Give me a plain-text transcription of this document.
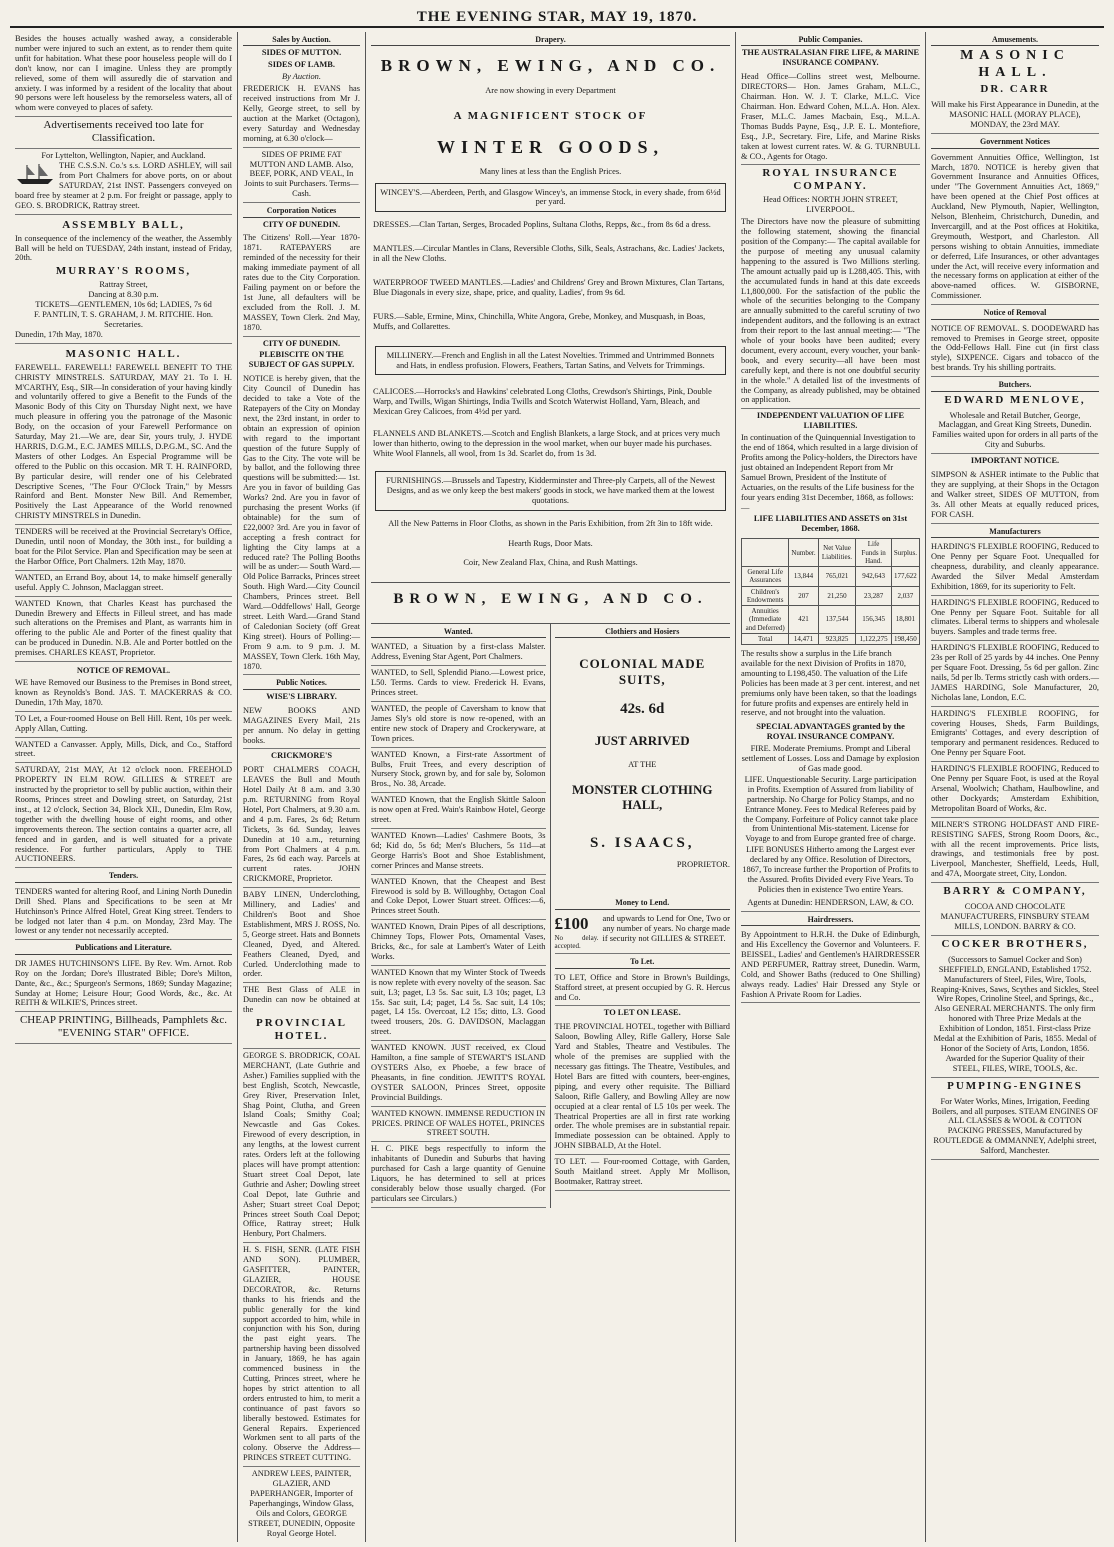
THE EVENING STAR, MAY 19, 1870.
Besides the houses actually washed away, a considerable number were injured to such an extent, as to render them quite unfit for habitation. What these poor houseless people will do I don't know, nor can I imagine. Unless they are promptly relieved, some of them will assuredly die of starvation and anxiety. I was informed by a resident of the locality that about 90 persons were left houseless by the remorseless waters, all of whom were conveyed to places of safety.
Advertisements received too late for Classification.
For Lyttelton, Wellington, Napier, and Auckland.
THE C.S.S.N. Co.'s s.s. LORD ASHLEY, will sail from Port Chalmers for above ports, on or about SATURDAY, 21st INST. Passengers conveyed on board free by steamer at 2 p.m. For freight or passage, apply to GEO. S. BRODRICK, Rattray street.
ASSEMBLY BALL,
In consequence of the inclemency of the weather, the Assembly Ball will be held on TUESDAY, 24th instant, instead of Friday, 20th.
MURRAY'S ROOMS,
Rattray Street,
Dancing at 8.30 p.m.
TICKETS—GENTLEMEN, 10s 6d; LADIES, 7s 6d
F. PANTLIN, T. S. GRAHAM, J. M. RITCHIE. Hon. Secretaries.
Dunedin, 17th May, 1870.
MASONIC HALL.
FAREWELL. FAREWELL! FAREWELL BENEFIT TO THE CHRISTY MINSTRELS. SATURDAY, MAY 21. To I. H. M'CARTHY, Esq., SIR—In consideration of your having kindly and voluntarily offered to give a Benefit to the Funds of the Masonic Body of this City on Thursday Night next, we have much pleasure in offering you the patronage of the Masonic Body, on the occasion of your Farewell Performance on Saturday, May 21.—We are, dear Sir, yours truly, J. HYDE HARRIS, D.G.M., E.C. JAMES MILLS, D.P.G.M., SC. And the Masters of other Lodges. An Especial Programme will be offered to the Public on this occasion. MR T. H. RAINFORD, By particular desire, will render one of his Celebrated Descriptive Scenes, "The Four O'Clock Train," by Messrs Rainford and Bent. Monster New Bill. And Remember, Positively the Last Appearance of the World renowned CHRISTY MINSTRELS in Dunedin.
TENDERS will be received at the Provincial Secretary's Office, Dunedin, until noon of Monday, the 30th inst., for building a boat for the Pilot Service. Plan and Specification may be seen at the Harbor Office, Port Chalmers. 12th May, 1870.
WANTED, an Errand Boy, about 14, to make himself generally useful. Apply C. Johnson, Maclaggan street.
WANTED Known, that Charles Keast has purchased the Dunedin Brewery and Effects in Filleul street, and has made such alterations on the Premises and Plant, as warrants him in offering to the public Ale and Porter of the finest quality that can be produced in Dunedin. N.B. Ale and Porter bottled on the premises. CHARLES KEAST, Proprietor.
NOTICE OF REMOVAL.
WE have Removed our Business to the Premises in Bond street, known as Reynolds's Bond. JAS. T. MACKERRAS & CO. Dunedin, 17th May, 1870.
TO Let, a Four-roomed House on Bell Hill. Rent, 10s per week. Apply Allan, Cutting.
WANTED a Canvasser. Apply, Mills, Dick, and Co., Stafford street.
SATURDAY, 21st MAY, At 12 o'clock noon. FREEHOLD PROPERTY IN ELM ROW. GILLIES & STREET are instructed by the proprietor to sell by public auction, within their Rooms, Princes street and Dowling street, on Saturday, 21st inst., at 12 o'clock, Section 34, Block XII., Dunedin, Elm Row, together with the dwelling house of eight rooms, and other improvements thereon. The section contains a quarter acre, all fenced and in garden, and is well situated for a private residence. For further particulars, Apply to THE AUCTIONEERS.
Tenders.
TENDERS wanted for altering Roof, and Lining North Dunedin Drill Shed. Plans and Specifications to be seen at Mr Hutchinson's Prince Alfred Hotel, Great King street. Tenders to be lodged not later than 4 p.m. on Monday, 23rd May. The lowest or any tender not necessarily accepted.
Publications and Literature.
DR JAMES HUTCHINSON'S LIFE. By Rev. Wm. Arnot. Rob Roy on the Jordan; Dore's Illustrated Bible; Dore's Milton, Dante, &c., &c.; Spurgeon's Sermons, 1869; Sunday Magazine; Sunday at Home; Leisure Hour; Good Words, &c., &c. At REITH & WILKIE'S, Princes street.
CHEAP PRINTING, Billheads, Pamphlets &c. "EVENING STAR" OFFICE.
Sales by Auction.
SIDES OF MUTTON.
SIDES OF LAMB.
By Auction.
FREDERICK H. EVANS has received instructions from Mr J. Kelly, George street, to sell by auction at the Market (Octagon), every Saturday and Wednesday morning, at 6.30 o'clock—
SIDES OF PRIME FAT MUTTON AND LAMB. Also, BEEF, PORK, AND VEAL, In Joints to suit Purchasers. Terms—Cash.
Corporation Notices
CITY OF DUNEDIN.
The Citizens' Roll.—Year 1870-1871. RATEPAYERS are reminded of the necessity for their making immediate payment of all rates due to the City Corporation. Failing payment on or before the 1st June, all defaulters will be excluded from the Roll. J. M. MASSEY, Town Clerk. 2nd May, 1870.
CITY OF DUNEDIN.
PLEBISCITE ON THE SUBJECT OF GAS SUPPLY.
NOTICE is hereby given, that the City Council of Dunedin has decided to take a Vote of the Ratepayers of the City on Monday next, the 23rd instant, in order to obtain an expression of opinion with regard to the important question of the future Supply of Gas to the City. The vote will be by ballot, and the following three questions will be submitted:— 1st. Are you in favor of building Gas Works? 2nd. Are you in favor of purchasing the present Works (if obtainable) for the sum of £22,000? 3rd. Are you in favor of accepting a fresh contract for lighting the City lamps at a reduced rate? The Polling Booths will be as under:— South Ward.—Old Police Barracks, Princes street South. High Ward.—City Council Chambers, Princes street. Bell Ward.—Oddfellows' Hall, George street. Leith Ward.—Grand Stand of Caledonian Society (off Great King street). Hours of Polling:—From 9 a.m. to 9 p.m. J. M. MASSEY, Town Clerk. 16th May, 1870.
Public Notices.
WISE'S LIBRARY.
NEW BOOKS AND MAGAZINES Every Mail, 21s per annum. No delay in getting books.
CRICKMORE'S
PORT CHALMERS COACH, LEAVES the Bull and Mouth Hotel Daily At 8 a.m. and 3.30 p.m. RETURNING from Royal Hotel, Port Chalmers, at 9.30 a.m. and 4 p.m. Fares, 2s 6d; Return Tickets, 3s 6d. Sunday, leaves Dunedin at 10 a.m., returning from Port Chalmers at 4 p.m. Fares, 2s 6d each way. Parcels at current rates. JOHN CRICKMORE, Proprietor.
BABY LINEN, Underclothing, Millinery, and Ladies' and Children's Boot and Shoe Establishment, MRS J. ROSS, No. 5, George street. Hats and Bonnets Cleaned, Dyed, and Altered. Feathers Cleaned, Dyed, and Curled. Underclothing made to order.
THE Best Glass of ALE in Dunedin can now be obtained at the
PROVINCIAL HOTEL.
GEORGE S. BRODRICK, COAL MERCHANT, (Late Guthrie and Asher.) Families supplied with the best English, Scotch, Newcastle, Grey River, Preservation Inlet, Shag Point, Clutha, and Green Island Coals; Smithy Coal; Newcastle and Gas Cokes. Firewood of every description, in any lengths, at the lowest current rates. Orders left at the following places will have prompt attention: Stuart street Coal Depot, late Guthrie and Asher; Dowling street Coal Depot, late Guthrie and Asher; Stuart street Coal Depot; Princes street South Coal Depot; Office, Rattray street; Hulk Henbury, Port Chalmers.
H. S. FISH, SENR. (LATE FISH AND SON). PLUMBER, GASFITTER, PAINTER, GLAZIER, HOUSE DECORATOR, &c. Returns thanks to his friends and the public generally for the kind support accorded to him, while in conjunction with his Son, during the past eight years. The partnership having been dissolved in January, 1869, he has again commenced business in the Cutting, Princes street, where he hopes by strict attention to all orders entrusted to him, to merit a continuance of past favors so liberally bestowed. Estimates for General Repairs. Experienced Workmen sent to all parts of the colony. Observe the Address— PRINCES STREET CUTTING.
ANDREW LEES, PAINTER, GLAZIER, AND PAPERHANGER, Importer of Paperhangings, Window Glass, Oils and Colors, GEORGE STREET, DUNEDIN, Opposite Royal George Hotel.
Drapery.
BROWN, EWING, AND CO.
Are now showing in every Department
A MAGNIFICENT STOCK OF
WINTER GOODS,
Many lines at less than the English Prices.
WINCEY'S.—Aberdeen, Perth, and Glasgow Wincey's, an immense Stock, in every shade, from 6½d per yard.
DRESSES.—Clan Tartan, Serges, Brocaded Poplins, Sultana Cloths, Repps, &c., from 8s 6d a dress.
MANTLES.—Circular Mantles in Clans, Reversible Cloths, Silk, Seals, Astrachans, &c. Ladies' Jackets, in all the New Cloths.
WATERPROOF TWEED MANTLES.—Ladies' and Childrens' Grey and Brown Mixtures, Clan Tartans, Blue Diagonals in every size, shape, price, and quality, Ladies', from 9s 6d.
FURS.—Sable, Ermine, Minx, Chinchilla, White Angora, Grebe, Monkey, and Musquash, in Boas, Muffs, and Collarettes.
MILLINERY.—French and English in all the Latest Novelties. Trimmed and Untrimmed Bonnets and Hats, in endless profusion. Flowers, Feathers, Tartan Satins, and Velvets for Trimmings.
CALICOES.—Horrocks's and Hawkins' celebrated Long Cloths, Crewdson's Shirtings, Pink, Double Warp, and Twills, Wigan Shirtings, India Twills and Scotch Waterwist Holland, Yarn, Bleach, and Mexican Grey Calicoes, from 4½d per yard.
FLANNELS AND BLANKETS.—Scotch and English Blankets, a large Stock, and at prices very much lower than hitherto, owing to the depression in the wool market, when our buyer made his purchases. White Wool Flannels, all wool, from 1s 3d. Scarlet do, from 1s 3d.
FURNISHINGS.—Brussels and Tapestry, Kidderminster and Three-ply Carpets, all of the Newest Designs, and as we only keep the best makers' goods in stock, we have marked them at the lowest quotations.
All the New Patterns in Floor Cloths, as shown in the Paris Exhibition, from 2ft 3in to 18ft wide.
Hearth Rugs, Door Mats.
Coir, New Zealand Flax, China, and Rush Mattings.
BROWN, EWING, AND CO.
Wanted.
WANTED, a Situation by a first-class Malster. Address, Evening Star Agent, Port Chalmers.
WANTED, to Sell, Splendid Piano.—Lowest price, L50. Terms. Cards to view. Frederick H. Evans, Princes street.
WANTED, the people of Caversham to know that James Sly's old store is now re-opened, with an entire new stock of Drapery and Crockeryware, at Town prices.
WANTED Known, a First-rate Assortment of Bulbs, Fruit Trees, and every description of Nursery Stock, grown by, and for sale by, Solomon Bros., No. 38, Arcade.
WANTED Known, that the English Skittle Saloon is now open at Fred. Wain's Rainbow Hotel, George street.
WANTED Known—Ladies' Cashmere Boots, 3s 6d; Kid do, 5s 6d; Men's Bluchers, 5s 11d—at George Harris's Boot and Shoe Establishment, corner Princes and Manse streets.
WANTED Known, that the Cheapest and Best Firewood is sold by B. Willoughby, Octagon Coal and Coke Depot, Lower Stuart street. Offices:—6, Princes street South.
WANTED Known, Drain Pipes of all descriptions, Chimney Tops, Flower Pots, Ornamental Vases, Bricks, &c., for sale at Lambert's Water of Leith Works.
WANTED Known that my Winter Stock of Tweeds is now replete with every novelty of the season. Sac suit, L3; paget, L3 5s. Sac suit, L3 10s; paget, L3 15s. Sac suit, L4; paget, L4 5s. Sac suit, L4 10s; paget, L4 15s. Overcoat, L2 15s; ditto, L3. Good tweed trousers, 20s. G. DAVIDSON, Maclaggan street.
WANTED KNOWN. JUST received, ex Cloud Hamilton, a fine sample of STEWART'S ISLAND OYSTERS Also, ex Phoebe, a few brace of Pheasants, in fine condition. JEWITT'S ROYAL OYSTER SALOON, Princes Street, opposite Provincial Buildings.
WANTED KNOWN. IMMENSE REDUCTION IN PRICES. PRINCE OF WALES HOTEL, PRINCES STREET SOUTH.
H. C. PIKE begs respectfully to inform the inhabitants of Dunedin and Suburbs that having purchased for Cash a large quantity of Genuine Liquors, he has determined to sell at prices considerably below those usually charged. (For particulars see Circulars.)
Clothiers and Hosiers
COLONIAL MADE SUITS,
42s. 6d
JUST ARRIVED
AT THE
MONSTER CLOTHING HALL,
S. ISAACS,
PROPRIETOR.
Money to Lend.
£100
No delay. accepted.
and upwards to Lend for One, Two or any number of years. No charge made if security not GILLIES & STREET.
To Let.
TO LET, Office and Store in Brown's Buildings, Stafford street, at present occupied by G. R. Hercus and Co.
TO LET ON LEASE.
THE PROVINCIAL HOTEL, together with Billiard Saloon, Bowling Alley, Rifle Gallery, Horse Sale Yard and Stables, Theatre and Vestibules. The whole of the premises are supplied with the necessary gas fittings. The Theatre, Vestibules, and Hotel Bars are fitted with counters, beer-engines, piping, and every other requisite. The Billiard Saloon, Rifle Gallery, and Bowling Alley are now occupied at a clear rental of L5 10s per week. The Theatrical Properties are all in first rate working order. The whole premises are in substantial repair. Immediate possession can be obtained. Apply to JOHN SIBBALD, At the Hotel.
TO LET. — Four-roomed Cottage, with Garden, South Maitland street. Apply Mr Mollison, Bootmaker, Rattray street.
Public Companies.
THE AUSTRALASIAN FIRE LIFE, & MARINE INSURANCE COMPANY.
Head Office—Collins street west, Melbourne. DIRECTORS— Hon. James Graham, M.L.C., Chairman. Hon. W. J. T. Clarke, M.L.C. Vice Chairman. Hon. Edward Cohen, M.L.A. Hon. Alex. Fraser, M.L.C. James Macbain, Esq., M.L.A. Thomas Budds Payne, Esq., J.P. E. L. Montefiore, Esq., J.P., Secretary. Fire, Life, and Marine Risks taken at lowest current rates. W. & G. TURNBULL & CO., Agents for Otago.
ROYAL INSURANCE COMPANY.
Head Offices: NORTH JOHN STREET, LIVERPOOL.
The Directors have now the pleasure of submitting the following statement, showing the financial position of the Company:— The capital available for the purpose of meeting any unusual calamity happening to the assured is Two Millions sterling. The amount actually paid up is L288,405. This, with the accumulated funds in hand at this date exceeds L1,800,000. For the satisfaction of the public the whole of the securities belonging to the Company are annually submitted to the careful scrutiny of two independent auditors, and the following is an extract from their report to the last annual meeting:— "The whole of your books have been audited; every document, every account, every voucher, your bank-book, and every security—all have been most carefully kept, and there is not one doubtful security in the whole." A detailed list of the investments of the Company, as already published, may be obtained on application.
INDEPENDENT VALUATION OF LIFE LIABILITIES.
In continuation of the Quinquennial Investigation to the end of 1864, which resulted in a large division of Profits among the Policy-holders, the Directors have just obtained an Independent Report from Mr Samuel Brown, President of the Institute of Actuaries, on the results of the Life business for the four years ending 31st December, 1868, as follows:—
LIFE LIABILITIES AND ASSETS on 31st December, 1868.
	Number.	Net Value Liabilities.	Life Funds in Hand.	Surplus.
General Life Assurances	13,844	765,021	942,643	177,622
Children's Endowments	207	21,250	23,287	2,037
Annuities (Immediate and Deferred)	421	137,544	156,345	18,801
Total	14,471	923,825	1,122,275	198,450
The results show a surplus in the Life branch available for the next Division of Profits in 1870, amounting to L198,450. The valuation of the Life Policies has been made at 3 per cent. interest, and net premiums only have been taken, so that the loadings for future profits and expenses are entirely held in reserve, and not brought into the valuation.
SPECIAL ADVANTAGES granted by the ROYAL INSURANCE COMPANY.
FIRE. Moderate Premiums. Prompt and Liberal settlement of Losses. Loss and Damage by explosion of Gas made good.
LIFE. Unquestionable Security. Large participation in Profits. Exemption of Assured from liability of partnership. No Charge for Policy Stamps, and no Entrance Money. Fees to Medical Referees paid by the Company. Forfeiture of Policy cannot take place from Unintentional Mis-statement. License for Voyage to and from Europe granted free of charge.
LIFE BONUSES Hitherto among the Largest ever declared by any Office. Resolution of Directors, 1867, To increase further the Proportion of Profits to the Assured. Profits Divided every Five Years. To Policies then in existence Two entire Years.
Agents at Dunedin: HENDERSON, LAW, & CO.
Hairdressers.
By Appointment to H.R.H. the Duke of Edinburgh, and His Excellency the Governor and Volunteers. F. BEISSEL, Ladies' and Gentlemen's HAIRDRESSER AND PERFUMER, Rattray street, Dunedin. Warm, Cold, and Shower Baths (reduced to One Shilling) always ready. Ladies' Hair Dressed any Style or Fashion A Private Room for Ladies.
Amusements.
MASONIC HALL.
DR. CARR
Will make his First Appearance in Dunedin, at the MASONIC HALL (MORAY PLACE), MONDAY, the 23rd MAY.
Government Notices
Government Annuities Office, Wellington, 1st March, 1870. NOTICE is hereby given that Government Insurance and Annuities Offices, under "The Government Annuities Act, 1869," have been opened at the Chief Post offices at Auckland, New Plymouth, Napier, Wellington, Nelson, Blenheim, Christchurch, Dunedin, and Invercargill, and at the Post offices at Hokitika, Greymouth, Westport, and Charleston. All persons wishing to obtain Annuities, immediate or deferred, Life Insurances, or other advantages under the Act, will receive every information and the necessary forms on application at either of the above-named offices. W. GISBORNE, Commissioner.
Notice of Removal
NOTICE OF REMOVAL. S. DOODEWARD has removed to Premises in George street, opposite the Odd-Fellows Hall. Fine cut (in first class style), SIXPENCE. Cigars and tobacco of the best brands. Try his shilling portraits.
Butchers.
EDWARD MENLOVE,
Wholesale and Retail Butcher, George, Maclaggan, and Great King Streets, Dunedin. Families waited upon for orders in all parts of the City and Suburbs.
IMPORTANT NOTICE.
SIMPSON & ASHER intimate to the Public that they are supplying, at their Shops in the Octagon and Walker street, SIDES OF MUTTON, from 3s. All other Meats at equally reduced prices, FOR CASH.
Manufacturers
HARDING'S FLEXIBLE ROOFING, Reduced to One Penny per Square Foot. Unequalled for cheapness, durability, and cleanly appearance. Awarded the Silver Medal Amsterdam Exhibition, 1869, for its superiority to Felt.
HARDING'S FLEXIBLE ROOFING, Reduced to One Penny per Square Foot. Suitable for all climates. Liberal terms to shippers and wholesale buyers. Samples and trade terms free.
HARDING'S FLEXIBLE ROOFING, Reduced to 23s per Roll of 25 yards by 44 inches. One Penny per Square Foot. Dressing, 5s 6d per gallon. Zinc nails, 5d per lb. Terms strictly cash with orders.—JAMES HARDING, Sole Manufacturer, 20, Nicholas lane, London, E.C.
HARDING'S FLEXIBLE ROOFING, for covering Houses, Sheds, Farm Buildings, Emigrants' Cottages, and every description of temporary and permanent residences. Reduced to One Penny per Square Foot.
HARDING'S FLEXIBLE ROOFING, Reduced to One Penny per Square Foot, is used at the Royal Arsenal, Woolwich; Chatham, Haulbowline, and other Dockyards; Amsterdam Exhibition, Metropolitan Board of Works, &c.
MILNER'S STRONG HOLDFAST AND FIRE-RESISTING SAFES, Strong Room Doors, &c., with all the recent improvements. Price lists, drawings, and testimonials free by post. Liverpool, Manchester, Sheffield, Leeds, Hull, and 47A, Moorgate street, City, London.
BARRY & COMPANY,
COCOA AND CHOCOLATE MANUFACTURERS, FINSBURY STEAM MILLS, LONDON. BARRY & CO.
COCKER BROTHERS,
(Successors to Samuel Cocker and Son) SHEFFIELD, ENGLAND, Established 1752. Manufacturers of Steel, Files, Wire, Tools, Reaping-Knives, Saws, Scythes and Sickles, Steel Wire Ropes, Crinoline Steel, and Springs, &c., Also GENERAL MERCHANTS. The only firm honored with Three Prize Medals at the Exhibition of London, 1851. First-class Prize Medal at the Exhibition of Paris, 1855. Medal of Honor of the Society of Arts, London, 1856. Awarded for the Superior Quality of their STEEL, FILES, WIRE, TOOLS, &c.
PUMPING-ENGINES
For Water Works, Mines, Irrigation, Feeding Boilers, and all purposes. STEAM ENGINES OF ALL CLASSES & WOOL & COTTON PACKING PRESSES, Manufactured by ROUTLEDGE & OMMANNEY, Adelphi street, Salford, Manchester.
